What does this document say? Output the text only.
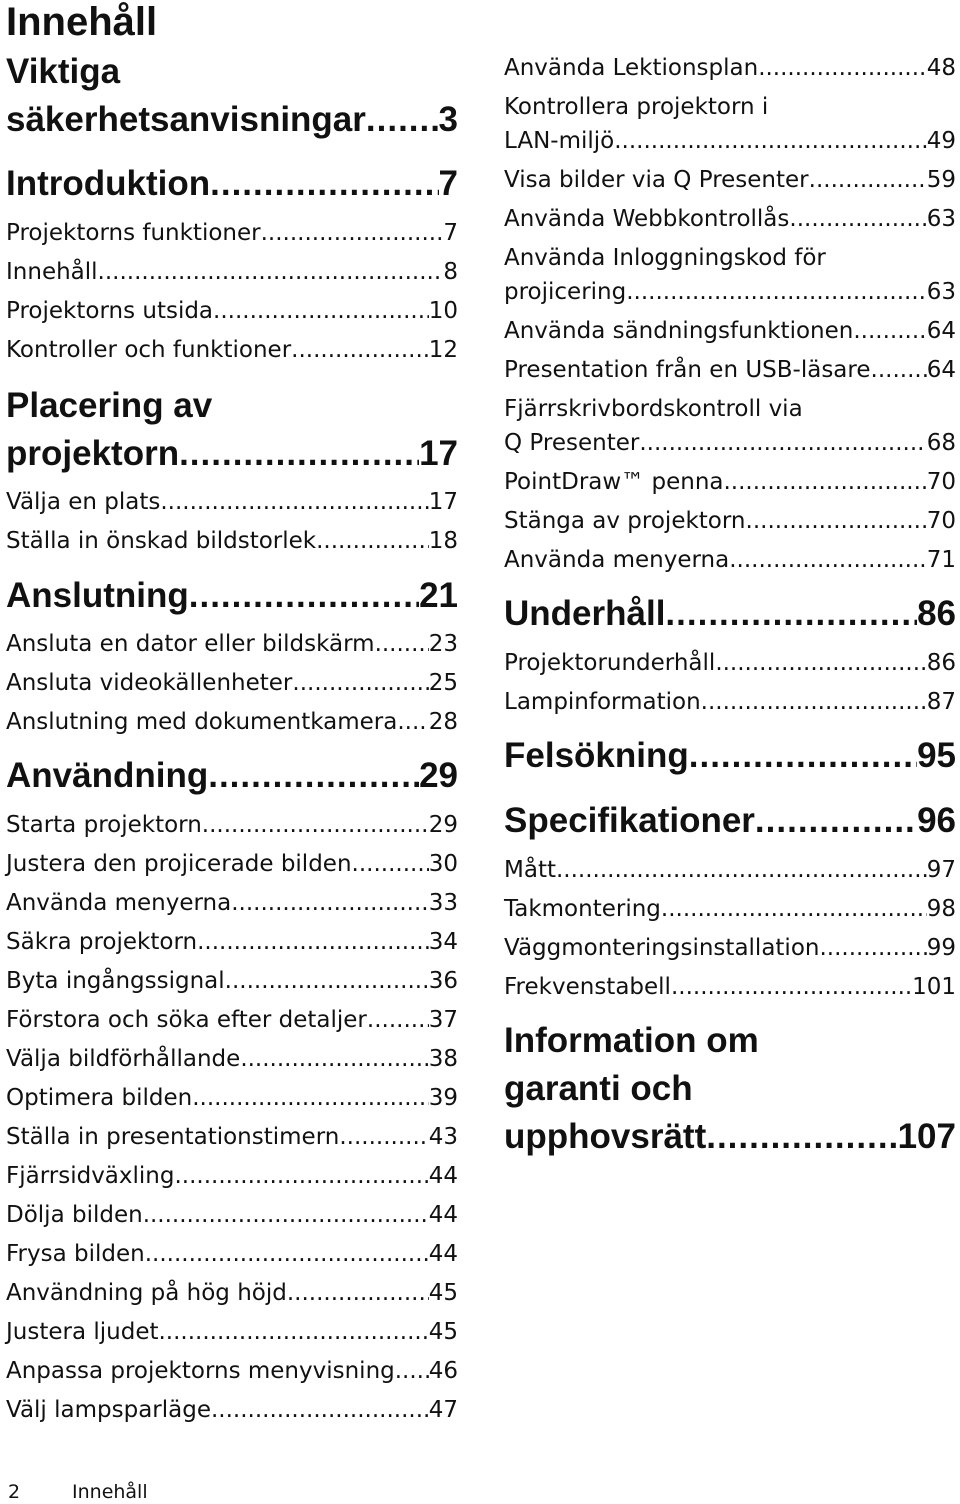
Innehåll
Viktiga
säkerhetsanvisningar ..... 3
Introduktion .....	7
Projektorns funktioner .....	7
Innehåll .....	8
Projektorns utsida .....	10
Kontroller och funktioner .....	12
Placering av
projektorn .....	17
Välja en plats .....	17
Ställa in önskad bildstorlek .....	18
Anslutning .....	21
Ansluta en dator eller bildskärm ..... 23
Ansluta videokällenheter .....	25
Anslutning med dokumentkamera ..... 28
Användning .....	29
Starta projektorn .....	29
Justera den projicerade bilden .....	30
Använda menyerna .....	33
Säkra projektorn .....	34
Byta ingångssignal .....	36
Förstora och söka efter detaljer .....	37
Välja bildförhållande .....	38
Optimera bilden .....	39
Ställa in presentationstimern .....	43
Fjärrsidväxling .....	44
Dölja bilden .....	44
Frysa bilden .....	44
Användning på hög höjd .....	45
Justera ljudet .....	45
Anpassa projektorns menyvisning ..... 46
Välj lampsparläge .....	47
Använda Lektionsplan .....	48
Kontrollera projektorn i
LAN-miljö .....	49
Visa bilder via Q Presenter .....	59
Använda Webbkontrollås .....	63
Använda Inloggningskod för
projicering .....	63
Använda sändningsfunktionen .....	64
Presentation från en USB-läsare ..... 64
Fjärrskrivbordskontroll via
Q Presenter .....	68
PointDraw™ penna .....	70
Stänga av projektorn .....	70
Använda menyerna .....	71
Underhåll .....	86
Projektorunderhåll .....	86
Lampinformation .....	87
Felsökning .....	95
Specifikationer .....	96
Mått .....	97
Takmontering .....	98
Väggmonteringsinstallation .....	99
Frekvenstabell .....	101
Information om
garanti och
upphovsrätt .....	107
2	Innehåll
